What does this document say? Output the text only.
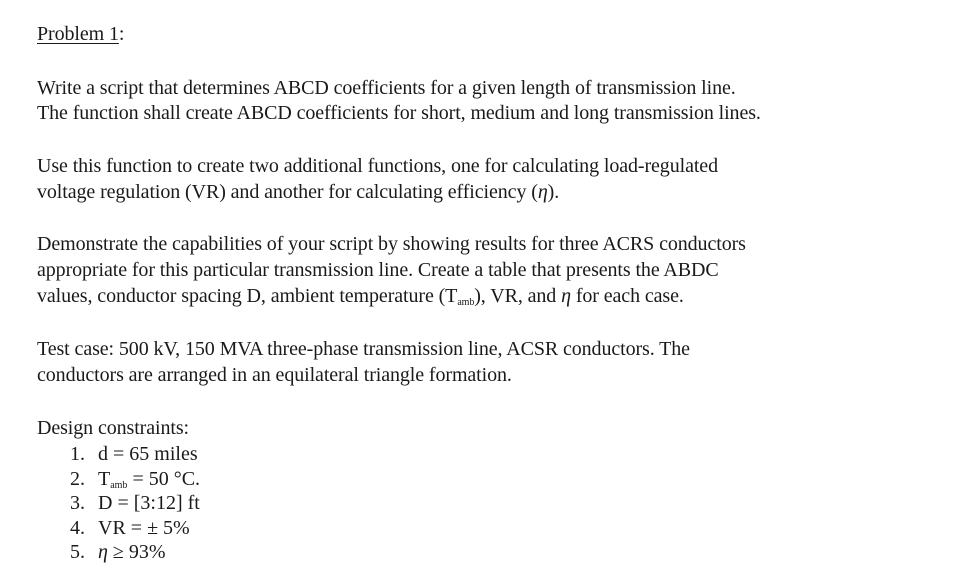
Problem 1:
Write a script that determines ABCD coefficients for a given length of transmission line.
The function shall create ABCD coefficients for short, medium and long transmission lines.
Use this function to create two additional functions, one for calculating load-regulated
voltage regulation (VR) and another for calculating efficiency (η).
Demonstrate the capabilities of your script by showing results for three ACRS conductors
appropriate for this particular transmission line. Create a table that presents the ABDC
values, conductor spacing D, ambient temperature $(T_{amb})$, VR, and η for each case.
Test case: 500 kV, 150 MVA three-phase transmission line, ACSR conductors. The
conductors are arranged in an equilateral triangle formation.
Design constraints:
1. d = 65 miles
2. $T_{amb} = 50$ °C.
3. D = [3:12] ft
4. VR = ± 5%
5. η ≥ 93%
